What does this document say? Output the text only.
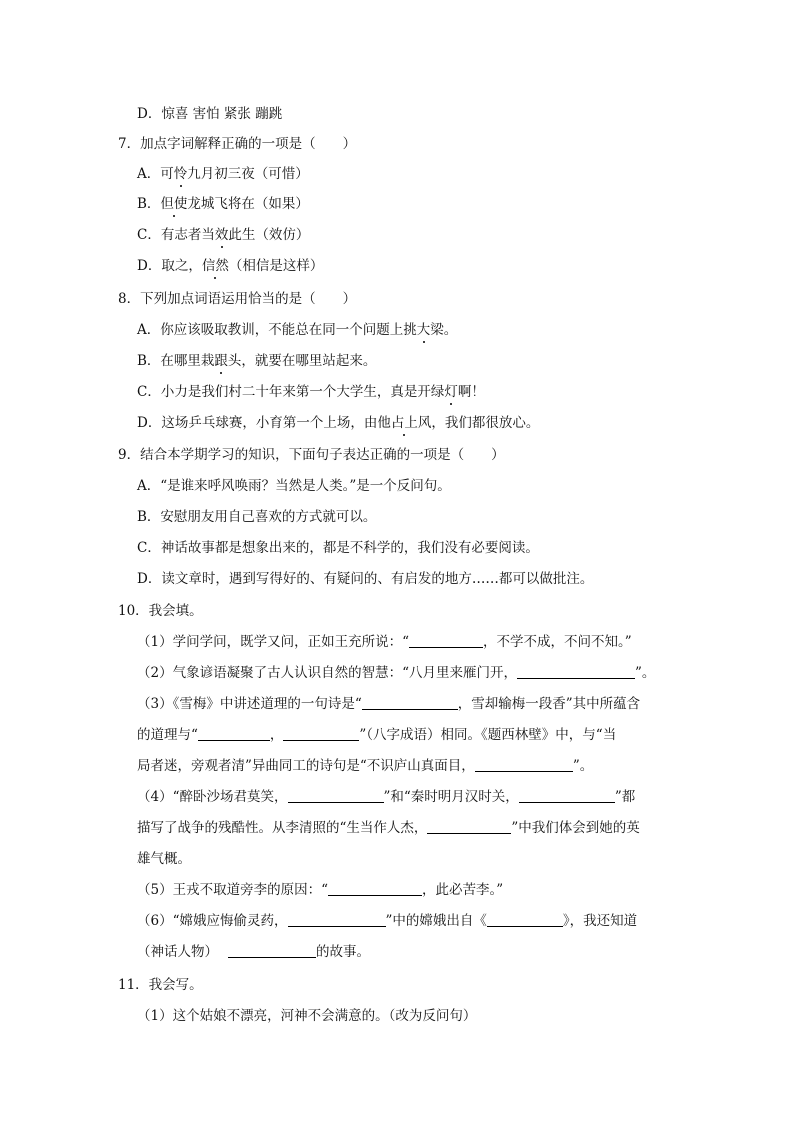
D．惊喜 害怕 紧张 蹦跳
7．加点字词解释正确的一项是（　　）
A．可怜九月初三夜（可惜）
B．但使龙城飞将在（如果）
C．有志者当效此生（效仿）
D．取之，信然（相信是这样）
8．下列加点词语运用恰当的是（　　）
A．你应该吸取教训，不能总在同一个问题上挑大梁。
B．在哪里栽跟头，就要在哪里站起来。
C．小力是我们村二十年来第一个大学生，真是开绿灯啊！
D．这场乒乓球赛，小育第一个上场，由他占上风，我们都很放心。
9．结合本学期学习的知识，下面句子表达正确的一项是（　　）
A．“是谁来呼风唤雨？当然是人类。”是一个反问句。
B．安慰朋友用自己喜欢的方式就可以。
C．神话故事都是想象出来的，都是不科学的，我们没有必要阅读。
D．读文章时，遇到写得好的、有疑问的、有启发的地方……都可以做批注。
10．我会填。
（1）学问学问，既学又问，正如王充所说：“	，不学不成，不问不知。”
（2）气象谚语凝聚了古人认识自然的智慧：“八月里来雁门开，	”。
（3）《雪梅》中讲述道理的一句诗是“	，雪却输梅一段香”其中所蕴含
的道理与“	，	”（八字成语）相同。《题西林壁》中，与“当
局者迷，旁观者清”异曲同工的诗句是“不识庐山真面目，	”。
（4）“醉卧沙场君莫笑，	”和“秦时明月汉时关，	”都
描写了战争的残酷性。从李清照的“生当作人杰，	”中我们体会到她的英
雄气概。
（5）王戎不取道旁李的原因：“	，此必苦李。”
（6）“嫦娥应悔偷灵药，	”中的嫦娥出自《	》，我还知道
（神话人物）	的故事。
11．我会写。
（1）这个姑娘不漂亮，河神不会满意的。（改为反问句）
